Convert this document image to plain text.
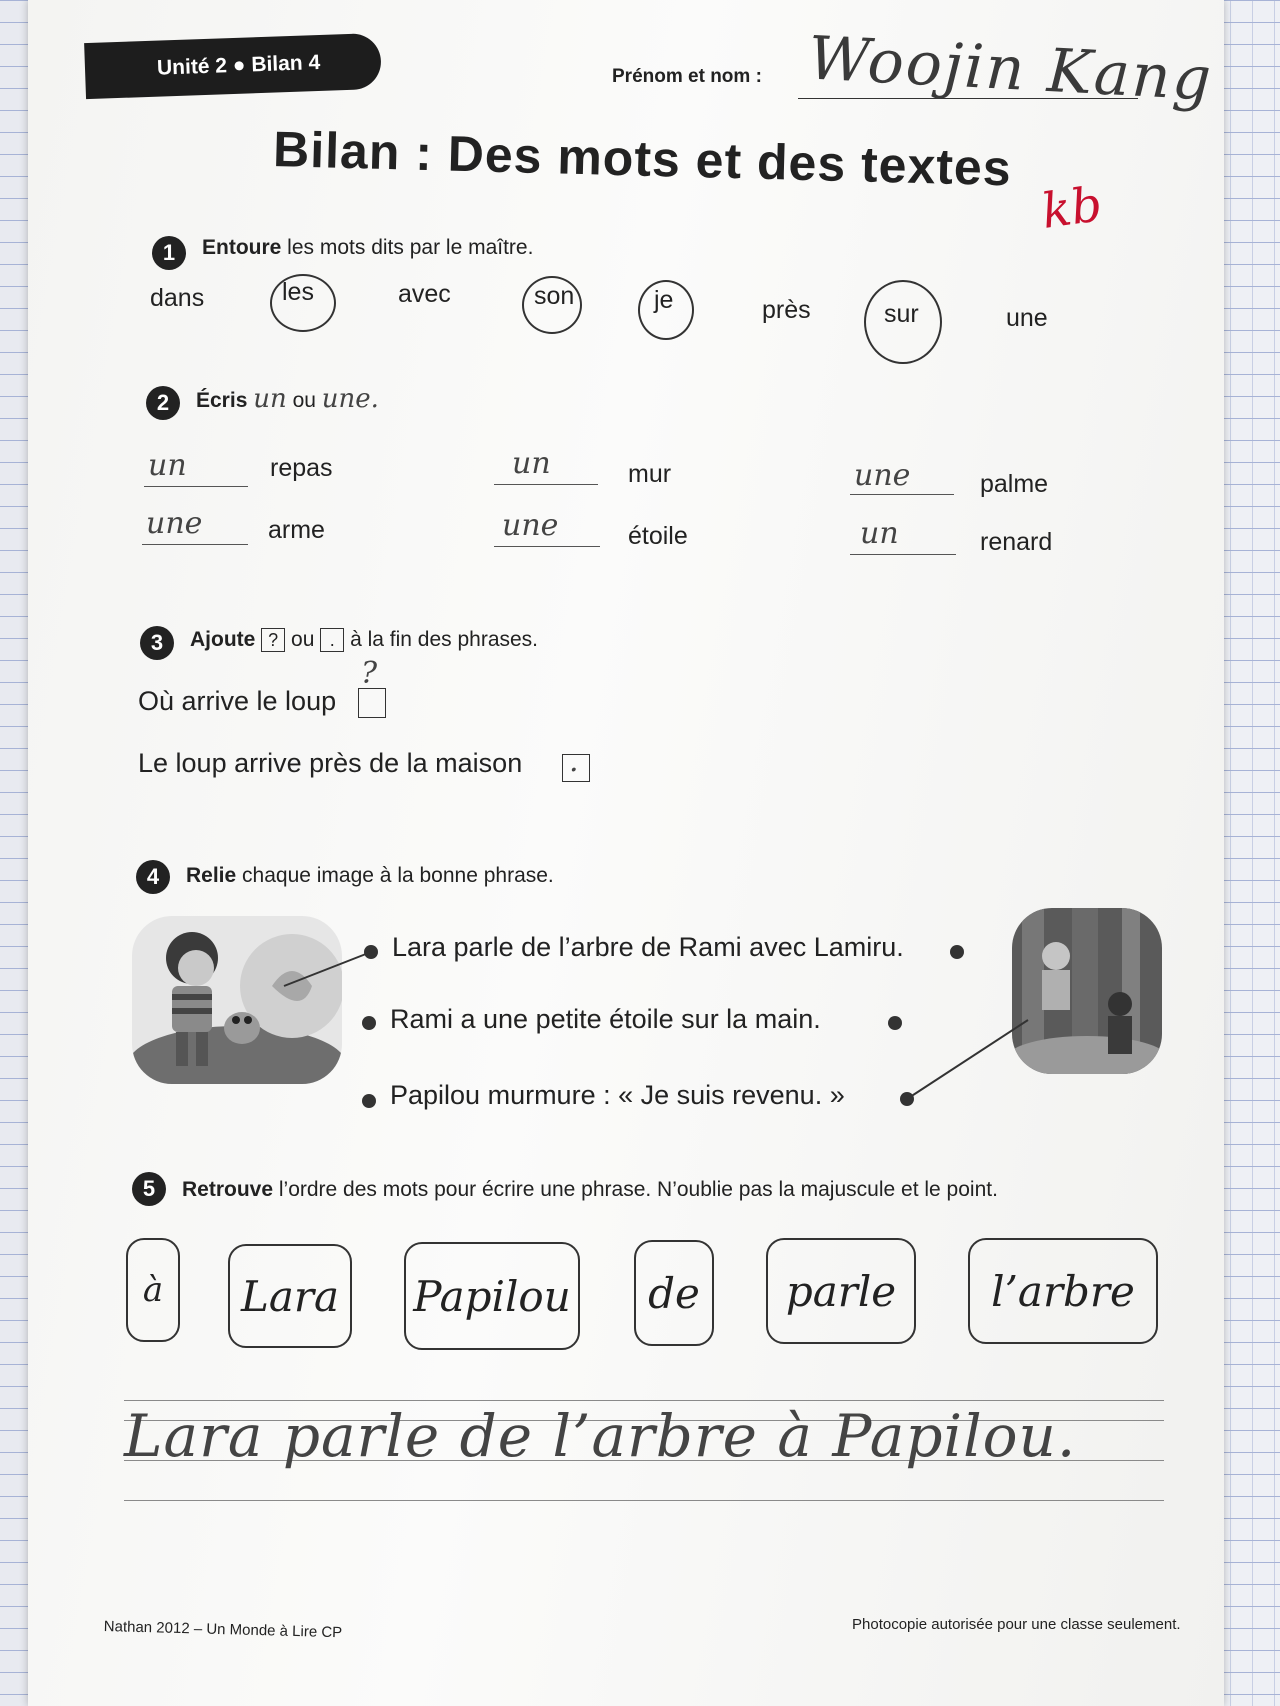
Unité 2 ● Bilan 4	Prénom et nom : Woojin Kang
Bilan : Des mots et des textes
kb
1	Entoure les mots dits par le maître.
dans	les	avec	son	je	près	sur	une
2	Écris un ou une.
un	repas	un	mur	une	palme
une	arme	une	étoile	un	renard
3	Ajoute ? ou . à la fin des phrases.
Où arrive le loup
?
Le loup arrive près de la maison .
4	Relie chaque image à la bonne phrase.
Lara parle de l’arbre de Rami avec Lamiru.
Rami a une petite étoile sur la main.
Papilou murmure : « Je suis revenu. »
5	Retrouve l’ordre des mots pour écrire une phrase. N’oublie pas la majuscule et le point.
à	Lara	Papilou	de	parle	l’arbre
Lara parle de l’arbre à Papilou.
Nathan 2012 – Un Monde à Lire CP	Photocopie autorisée pour une classe seulement.
